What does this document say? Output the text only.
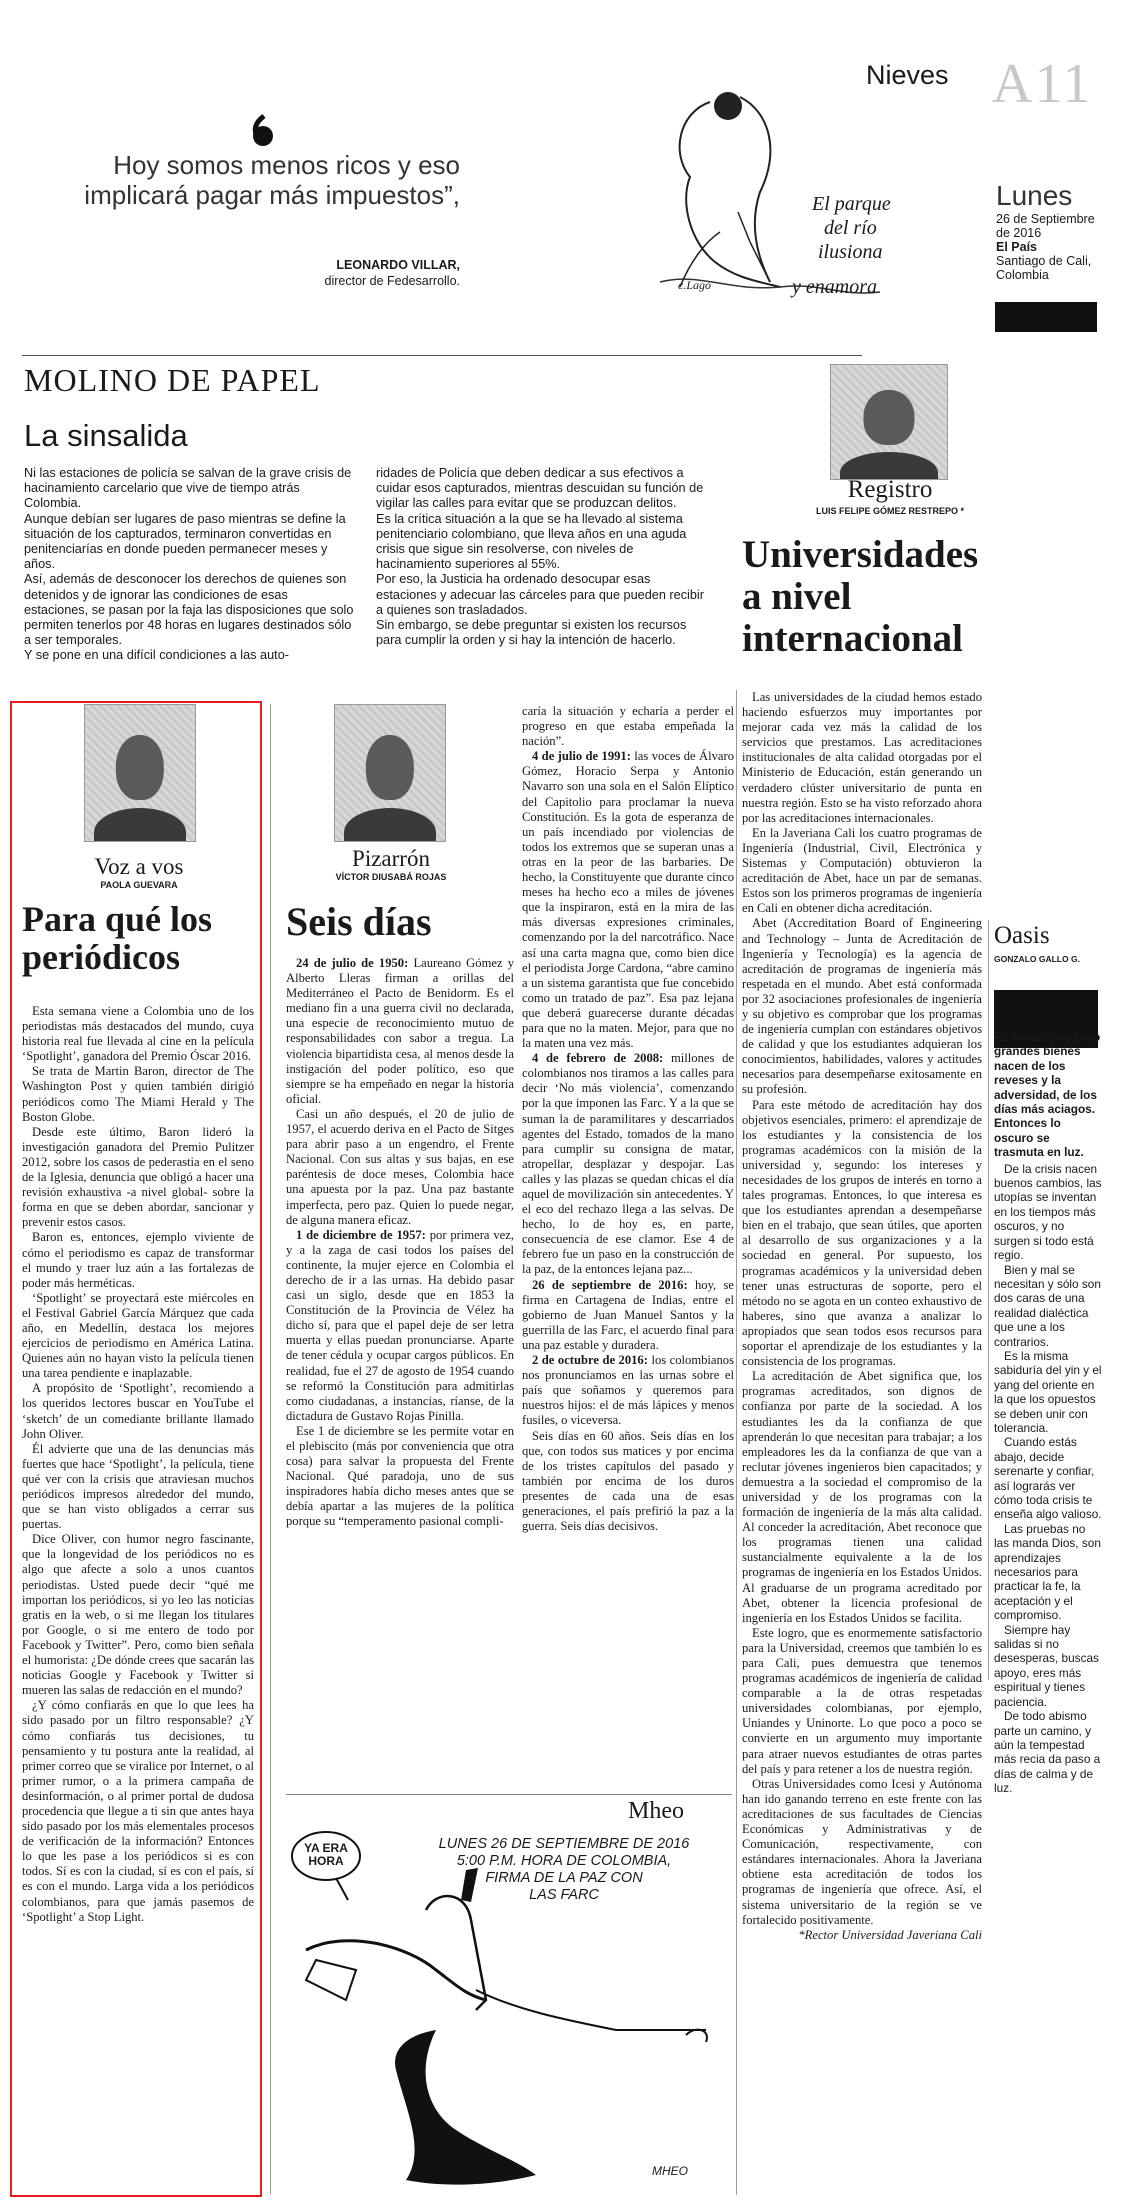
Nieves A11
Hoy somos menos ricos y eso implicará pagar más impuestos”,
LEONARDO VILLAR,
director de Fedesarrollo.
El parque
del río
ilusiona
y enamora
c.Lago
Lunes
26 de Septiembre de 2016
El País
Santiago de Cali, Colombia
MOLINO DE PAPEL
La sinsalida

Ni las estaciones de policía se salvan de la grave crisis de hacinamiento carcelario que vive de tiempo atrás Colombia.

Aunque debían ser lugares de paso mientras se define la situación de los capturados, terminaron convertidas en penitenciarías en donde pueden permanecer meses y años.

Así, además de desconocer los derechos de quienes son detenidos y de ignorar las condiciones de esas estaciones, se pasan por la faja las disposiciones que solo permiten tenerlos por 48 horas en lugares destinados sólo a ser temporales.

Y se pone en una difícil condiciones a las auto-

ridades de Policía que deben dedicar a sus efectivos a cuidar esos capturados, mientras descuidan su función de vigilar las calles para evitar que se produzcan delitos.

Es la crítica situación a la que se ha llevado al sistema penitenciario colombiano, que lleva años en una aguda crisis que sigue sin resolverse, con niveles de hacinamiento superiores al 55%.

Por eso, la Justicia ha ordenado desocupar esas estaciones y adecuar las cárceles para que pueden recibir a quienes son trasladados.

Sin embargo, se debe preguntar si existen los recursos para cumplir la orden y si hay la intención de hacerlo.

Registro
LUIS FELIPE GÓMEZ RESTREPO *
Universidades
a nivel
internacional

Las universidades de la ciudad hemos estado haciendo esfuerzos muy importantes por mejorar cada vez más la calidad de los servicios que prestamos. Las acreditaciones institucionales de alta calidad otorgadas por el Ministerio de Educación, están generando un verdadero clúster universitario de punta en nuestra región. Esto se ha visto reforzado ahora por las acreditaciones internacionales.

En la Javeriana Cali los cuatro programas de Ingeniería (Industrial, Civil, Electrónica y Sistemas y Computación) obtuvieron la acreditación de Abet, hace un par de semanas. Estos son los primeros programas de ingeniería en Cali en obtener dicha acreditación.

Abet (Accreditation Board of Engineering and Technology – Junta de Acreditación de Ingeniería y Tecnología) es la agencia de acreditación de programas de ingeniería más respetada en el mundo. Abet está conformada por 32 asociaciones profesionales de ingeniería y su objetivo es comprobar que los programas de ingeniería cumplan con estándares objetivos de calidad y que los estudiantes adquieran los conocimientos, habilidades, valores y actitudes necesarios para desempeñarse exitosamente en su profesión.

Para este método de acreditación hay dos objetivos esenciales, primero: el aprendizaje de los estudiantes y la consistencia de los programas académicos con la misión de la universidad y, segundo: los intereses y necesidades de los grupos de interés en torno a tales programas. Entonces, lo que interesa es que los estudiantes aprendan a desempeñarse bien en el trabajo, que sean útiles, que aporten al desarrollo de sus organizaciones y a la sociedad en general. Por supuesto, los programas académicos y la universidad deben tener unas estructuras de soporte, pero el método no se agota en un conteo exhaustivo de haberes, sino que avanza a analizar lo apropiados que sean todos esos recursos para soportar el aprendizaje de los estudiantes y la consistencia de los programas.

La acreditación de Abet significa que, los programas acreditados, son dignos de confianza por parte de la sociedad. A los estudiantes les da la confianza de que aprenderán lo que necesitan para trabajar; a los empleadores les da la confianza de que van a reclutar jóvenes ingenieros bien capacitados; y demuestra a la sociedad el compromiso de la universidad y de los programas con la formación de ingeniería de la más alta calidad. Al conceder la acreditación, Abet reconoce que los programas tienen una calidad sustancialmente equivalente a la de los programas de ingeniería en los Estados Unidos. Al graduarse de un programa acreditado por Abet, obtener la licencia profesional de ingeniería en los Estados Unidos se facilita.

Este logro, que es enormemente satisfactorio para la Universidad, creemos que también lo es para Cali, pues demuestra que tenemos programas académicos de ingeniería de calidad comparable a la de otras respetadas universidades colombianas, por ejemplo, Uniandes y Uninorte. Lo que poco a poco se convierte en un argumento muy importante para atraer nuevos estudiantes de otras partes del país y para retener a los de nuestra región.

Otras Universidades como Icesi y Autónoma han ido ganando terreno en este frente con las acreditaciones de sus facultades de Ciencias Económicas y Administrativas y de Comunicación, respectivamente, con estándares internacionales. Ahora la Javeriana obtiene esta acreditación de todos los programas de ingeniería que ofrece. Así, el sistema universitario de la región se ve fortalecido positivamente.

*Rector Universidad Javeriana Cali

Voz a vos
PAOLA GUEVARA
Para qué los
periódicos

Esta semana viene a Colombia uno de los periodistas más destacados del mundo, cuya historia real fue llevada al cine en la película ‘Spotlight’, ganadora del Premio Óscar 2016.

Se trata de Martin Baron, director de The Washington Post y quien también dirigió periódicos como The Miami Herald y The Boston Globe.

Desde este último, Baron lideró la investigación ganadora del Premio Pulitzer 2012, sobre los casos de pederastia en el seno de la Iglesia, denuncia que obligó a hacer una revisión exhaustiva -a nivel global- sobre la forma en que se deben abordar, sancionar y prevenir estos casos.

Baron es, entonces, ejemplo viviente de cómo el periodismo es capaz de transformar el mundo y traer luz aún a las fortalezas de poder más herméticas.

‘Spotlight’ se proyectará este miércoles en el Festival Gabriel García Márquez que cada año, en Medellín, destaca los mejores ejercicios de periodismo en América Latina. Quienes aún no hayan visto la película tienen una tarea pendiente e inaplazable.

A propósito de ‘Spotlight’, recomiendo a los queridos lectores buscar en YouTube el ‘sketch’ de un comediante brillante llamado John Oliver.

Él advierte que una de las denuncias más fuertes que hace ‘Spotlight’, la película, tiene qué ver con la crisis que atraviesan muchos periódicos impresos alrededor del mundo, que se han visto obligados a cerrar sus puertas.

Dice Oliver, con humor negro fascinante, que la longevidad de los periódicos no es algo que afecte a solo a unos cuantos periodistas. Usted puede decir “qué me importan los periódicos, si yo leo las noticias gratis en la web, o si me llegan los titulares por Google, o si me entero de todo por Facebook y Twitter”. Pero, como bien señala el humorista: ¿De dónde crees que sacarán las noticias Google y Facebook y Twitter si mueren las salas de redacción en el mundo?

¿Y cómo confiarás en que lo que lees ha sido pasado por un filtro responsable? ¿Y cómo confiarás tus decisiones, tu pensamiento y tu postura ante la realidad, al primer correo que se viralice por Internet, o al primer rumor, o a la primera campaña de desinformación, o al primer portal de dudosa procedencia que llegue a ti sin que antes haya sido pasado por los más elementales procesos de verificación de la información? Entonces lo que les pase a los periódicos si es con todos. Sí es con la ciudad, sí es con el país, sí es con el mundo. Larga vida a los periódicos colombianos, para que jamás pasemos de ‘Spotlight’ a Stop Light.

Pizarrón
VÍCTOR DIUSABÁ ROJAS
Seis días

24 de julio de 1950: Laureano Gómez y Alberto Lleras firman a orillas del Mediterráneo el Pacto de Benidorm. Es el mediano fin a una guerra civil no declarada, una especie de reconocimiento mutuo de responsabilidades con sabor a tregua. La violencia bipartidista cesa, al menos desde la instigación del poder político, eso que siempre se ha empeñado en negar la historia oficial.

Casi un año después, el 20 de julio de 1957, el acuerdo deriva en el Pacto de Sitges para abrir paso a un engendro, el Frente Nacional. Con sus altas y sus bajas, en ese paréntesis de doce meses, Colombia hace una apuesta por la paz. Una paz bastante imperfecta, pero paz. Quien lo puede negar, de alguna manera eficaz.

1 de diciembre de 1957: por primera vez, y a la zaga de casi todos los países del continente, la mujer ejerce en Colombia el derecho de ir a las urnas. Ha debido pasar casi un siglo, desde que en 1853 la Constitución de la Provincia de Vélez ha dicho sí, para que el papel deje de ser letra muerta y ellas puedan pronunciarse. Aparte de tener cédula y ocupar cargos públicos. En realidad, fue el 27 de agosto de 1954 cuando se reformó la Constitución para admitirlas como ciudadanas, a instancias, ríanse, de la dictadura de Gustavo Rojas Pinilla.

Ese 1 de diciembre se les permite votar en el plebiscito (más por conveniencia que otra cosa) para salvar la propuesta del Frente Nacional. Qué paradoja, uno de sus inspiradores había dicho meses antes que se debía apartar a las mujeres de la política porque su “temperamento pasional compli-

caría la situación y echaría a perder el progreso en que estaba empeñada la nación”.

4 de julio de 1991: las voces de Álvaro Gómez, Horacio Serpa y Antonio Navarro son una sola en el Salón Elíptico del Capitolio para proclamar la nueva Constitución. Es la gota de esperanza de un país incendiado por violencias de todos los extremos que se superan unas a otras en la peor de las barbaries. De hecho, la Constituyente que durante cinco meses ha hecho eco a miles de jóvenes que la inspiraron, está en la mira de las más diversas expresiones criminales, comenzando por la del narcotráfico. Nace así una carta magna que, como bien dice el periodista Jorge Cardona, “abre camino a un sistema garantista que fue concebido como un tratado de paz”. Esa paz lejana que deberá guarecerse durante décadas para que no la maten. Mejor, para que no la maten una vez más.

4 de febrero de 2008: millones de colombianos nos tiramos a las calles para decir ‘No más violencia’, comenzando por la que imponen las Farc. Y a la que se suman la de paramilitares y descarriados agentes del Estado, tomados de la mano para cumplir su consigna de matar, atropellar, desplazar y despojar. Las calles y las plazas se quedan chicas el día aquel de movilización sin antecedentes. Y el eco del rechazo llega a las selvas. De hecho, lo de hoy es, en parte, consecuencia de ese clamor. Ese 4 de febrero fue un paso en la construcción de la paz, de la entonces lejana paz...

26 de septiembre de 2016: hoy, se firma en Cartagena de Indias, entre el gobierno de Juan Manuel Santos y la guerrilla de las Farc, el acuerdo final para una paz estable y duradera.

2 de octubre de 2016: los colombianos nos pronunciamos en las urnas sobre el país que soñamos y queremos para nuestros hijos: el de más lápices y menos fusiles, o viceversa.

Seis días en 60 años. Seis días en los que, con todos sus matices y por encima de los tristes capítulos del pasado y también por encima de los duros presentes de cada una de esas generaciones, el país prefirió la paz a la guerra. Seis días decisivos.

Mheo
YA ERA
HORA
LUNES 26 DE SEPTIEMBRE DE 2016
5:00 P.M. HORA DE COLOMBIA,
FIRMA DE LA PAZ CON
LAS FARC
MHEO
Oasis
GONZALO GALLO G.

Es paradójico pero grandes bienes nacen de los reveses y la adversidad, de los días más aciagos. Entonces lo oscuro se trasmuta en luz.

De la crisis nacen buenos cambios, las utopías se inventan en los tiempos más oscuros, y no surgen si todo está regio.

Bien y mal se necesitan y sólo son dos caras de una realidad dialéctica que une a los contrarios.

Es la misma sabiduría del yin y el yang del oriente en la que los opuestos se deben unir con tolerancia.

Cuando estás abajo, decide serenarte y confiar, así lograrás ver cómo toda crisis te enseña algo valioso.

Las pruebas no las manda Dios, son aprendizajes necesarios para practicar la fe, la aceptación y el compromiso.

Siempre hay salidas si no desesperas, buscas apoyo, eres más espiritual y tienes paciencia.

De todo abismo parte un camino, y aún la tempestad más recia da paso a días de calma y de luz.
